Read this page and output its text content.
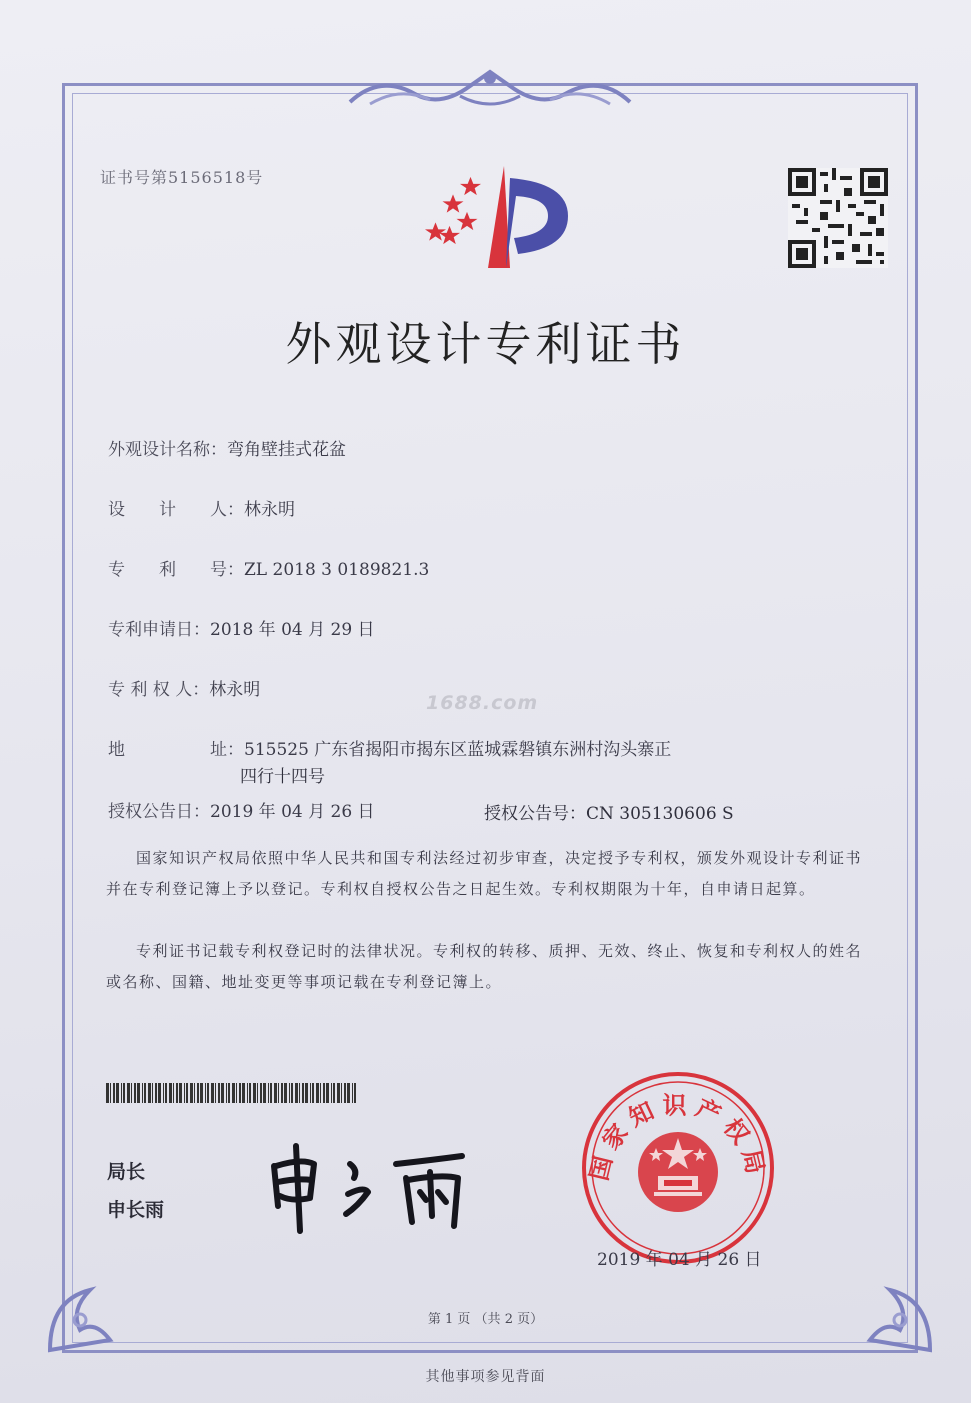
证书号第5156518号
外观设计专利证书
外观设计名称：弯角壁挂式花盆
设　　计　　人：林永明
专　　利　　号：ZL 2018 3 0189821.3
专利申请日：2018 年 04 月 29 日
专 利 权 人：林永明
地　　　　　址：515525 广东省揭阳市揭东区蓝城霖磐镇东洲村沟头寨正
四行十四号
授权公告日：2019 年 04 月 26 日	授权公告号：CN 305130606 S
1688.com
国家知识产权局依照中华人民共和国专利法经过初步审查，决定授予专利权，颁发外观设计专利证书并在专利登记簿上予以登记。专利权自授权公告之日起生效。专利权期限为十年，自申请日起算。
专利证书记载专利权登记时的法律状况。专利权的转移、质押、无效、终止、恢复和专利权人的姓名或名称、国籍、地址变更等事项记载在专利登记簿上。
局长
申长雨
国家知识产权局
2019 年 04 月 26 日
第 1 页 （共 2 页）
其他事项参见背面
